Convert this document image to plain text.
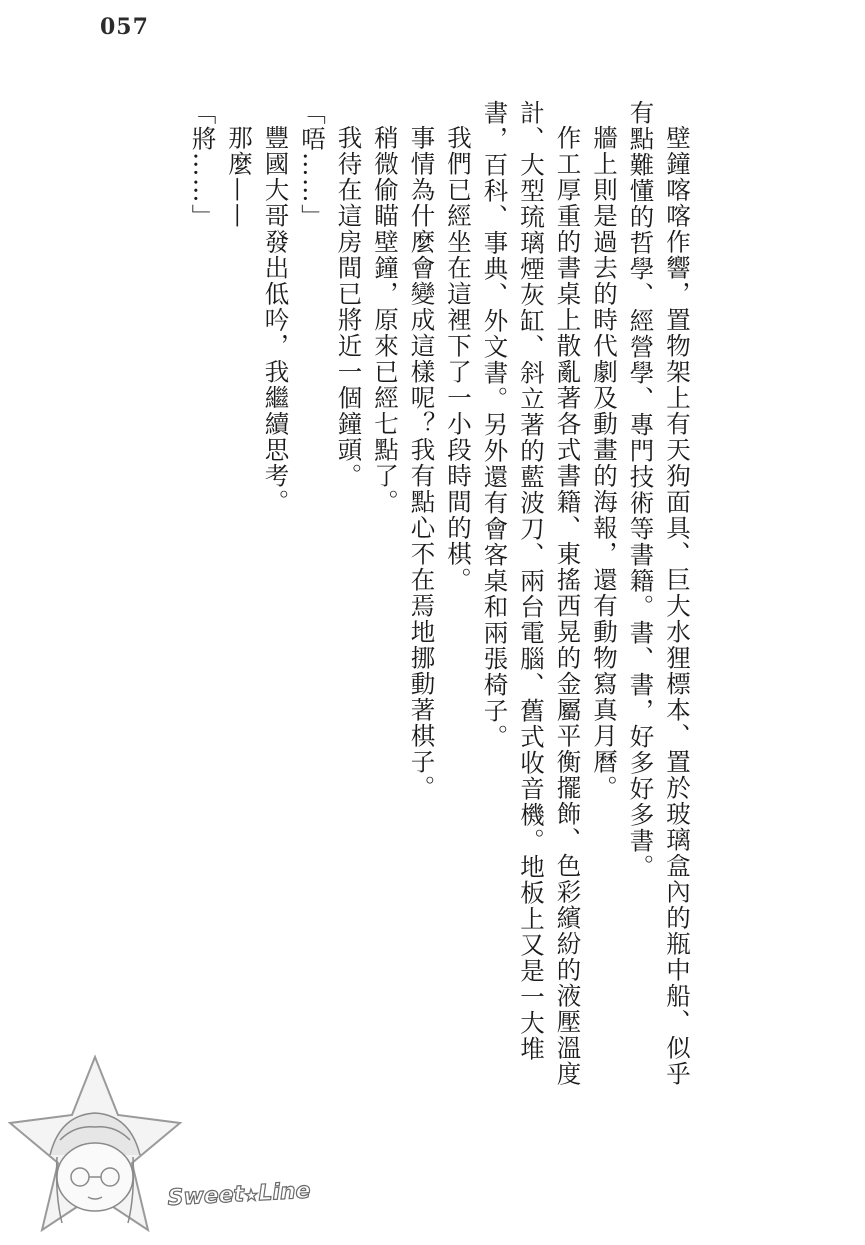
057

壁鐘喀喀作響，置物架上有天狗面具、巨大水狸標本、置於玻璃盒內的瓶中船、似乎有點難懂的哲學、經營學、專門技術等書籍。書、書，好多好多書。

牆上則是過去的時代劇及動畫的海報，還有動物寫真月曆。

作工厚重的書桌上散亂著各式書籍、東搖西晃的金屬平衡擺飾、色彩繽紛的液壓溫度計、大型琉璃煙灰缸、斜立著的藍波刀、兩台電腦、舊式收音機。地板上又是一大堆書，百科、事典、外文書。另外還有會客桌和兩張椅子。

我們已經坐在這裡下了一小段時間的棋。

事情為什麼會變成這樣呢？我有點心不在焉地挪動著棋子。

稍微偷瞄壁鐘，原來已經七點了。

我待在這房間已將近一個鐘頭。

「唔……」

豐國大哥發出低吟，我繼續思考。

那麼——

「將……」

Sweet★Line
